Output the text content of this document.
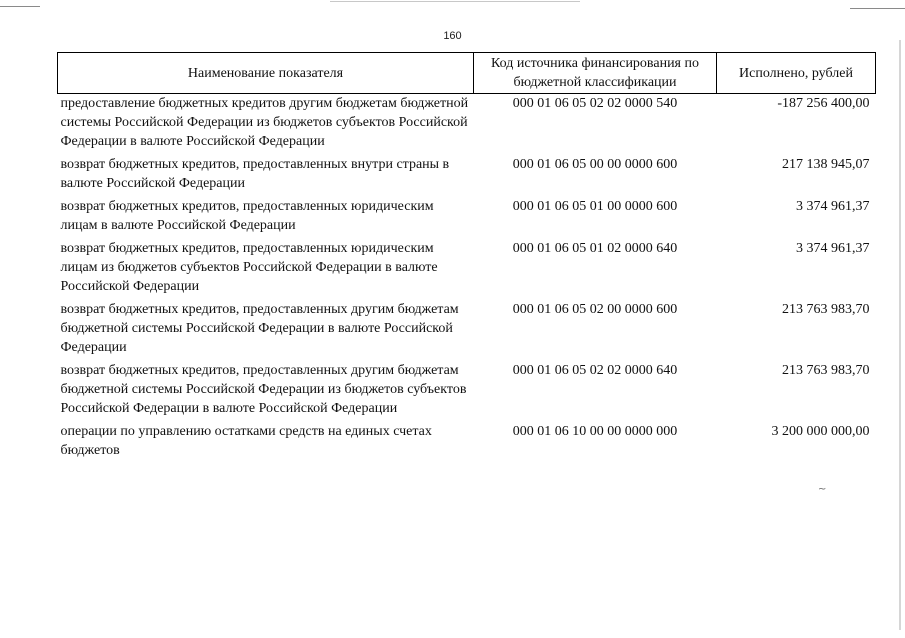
160
Наименование показателя	Код источника финансирования по бюджетной классификации	Исполнено, рублей
предоставление бюджетных кредитов другим бюджетам бюджетной системы Российской Федерации из бюджетов субъектов Российской Федерации в валюте Российской Федерации	000 01 06 05 02 02 0000 540	-187 256 400,00
возврат бюджетных кредитов, предоставленных внутри страны в валюте Российской Федерации	000 01 06 05 00 00 0000 600	217 138 945,07
возврат бюджетных кредитов, предоставленных юридическим лицам в валюте Российской Федерации	000 01 06 05 01 00 0000 600	3 374 961,37
возврат бюджетных кредитов, предоставленных юридическим лицам из бюджетов субъектов Российской Федерации в валюте Российской Федерации	000 01 06 05 01 02 0000 640	3 374 961,37
возврат бюджетных кредитов, предоставленных другим бюджетам бюджетной системы Российской Федерации в валюте Российской Федерации	000 01 06 05 02 00 0000 600	213 763 983,70
возврат бюджетных кредитов, предоставленных другим бюджетам бюджетной системы Российской Федерации из бюджетов субъектов Российской Федерации в валюте Российской Федерации	000 01 06 05 02 02 0000 640	213 763 983,70
операции по управлению остатками средств на единых счетах бюджетов	000 01 06 10 00 00 0000 000	3 200 000 000,00
~
